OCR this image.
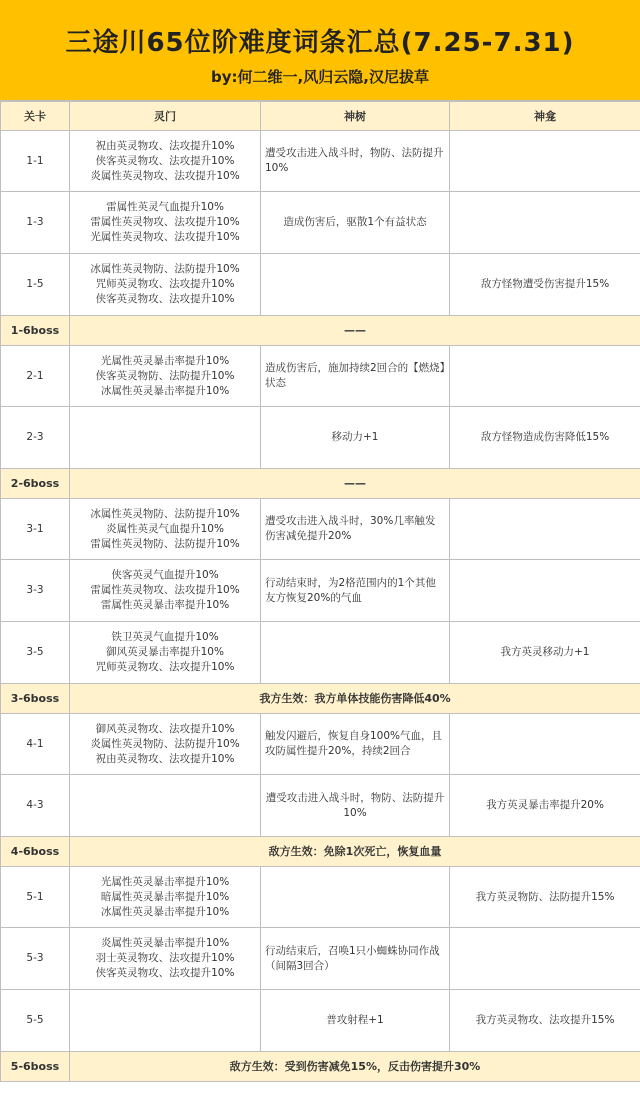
三途川65位阶难度词条汇总(7.25-7.31)
by:何二维一,风归云隐,汉尼拔草
关卡	灵门	神树	神龛
1-1	祝由英灵物攻、法攻提升10%
侠客英灵物攻、法攻提升10%
炎属性英灵物攻、法攻提升10%	遭受攻击进入战斗时，物防、法防提升10%	
1-3	雷属性英灵气血提升10%
雷属性英灵物攻、法攻提升10%
光属性英灵物攻、法攻提升10%	造成伤害后，驱散1个有益状态	
1-5	冰属性英灵物防、法防提升10%
咒师英灵物攻、法攻提升10%
侠客英灵物攻、法攻提升10%		敌方怪物遭受伤害提升15%
1-6boss	——		
2-1	光属性英灵暴击率提升10%
侠客英灵物防、法防提升10%
冰属性英灵暴击率提升10%	造成伤害后，施加持续2回合的【燃烧】状态	
2-3		移动力+1	敌方怪物造成伤害降低15%
2-6boss	——		
3-1	冰属性英灵物防、法防提升10%
炎属性英灵气血提升10%
雷属性英灵物防、法防提升10%	遭受攻击进入战斗时，30%几率触发伤害减免提升20%	
3-3	侠客英灵气血提升10%
雷属性英灵物攻、法攻提升10%
雷属性英灵暴击率提升10%	行动结束时，为2格范围内的1个其他友方恢复20%的气血	
3-5	铁卫英灵气血提升10%
御风英灵暴击率提升10%
咒师英灵物攻、法攻提升10%		我方英灵移动力+1
3-6boss	我方生效：我方单体技能伤害降低40%		
4-1	御风英灵物攻、法攻提升10%
炎属性英灵物防、法防提升10%
祝由英灵物攻、法攻提升10%	触发闪避后，恢复自身100%气血，且攻防属性提升20%，持续2回合	
4-3		遭受攻击进入战斗时，物防、法防提升10%	我方英灵暴击率提升20%
4-6boss	敌方生效：免除1次死亡，恢复血量		
5-1	光属性英灵暴击率提升10%
暗属性英灵暴击率提升10%
冰属性英灵暴击率提升10%		我方英灵物防、法防提升15%
5-3	炎属性英灵暴击率提升10%
羽士英灵物攻、法攻提升10%
侠客英灵物攻、法攻提升10%	行动结束后，召唤1只小蜘蛛协同作战（间隔3回合）	
5-5		普攻射程+1	我方英灵物攻、法攻提升15%
5-6boss	敌方生效：受到伤害减免15%，反击伤害提升30%		
